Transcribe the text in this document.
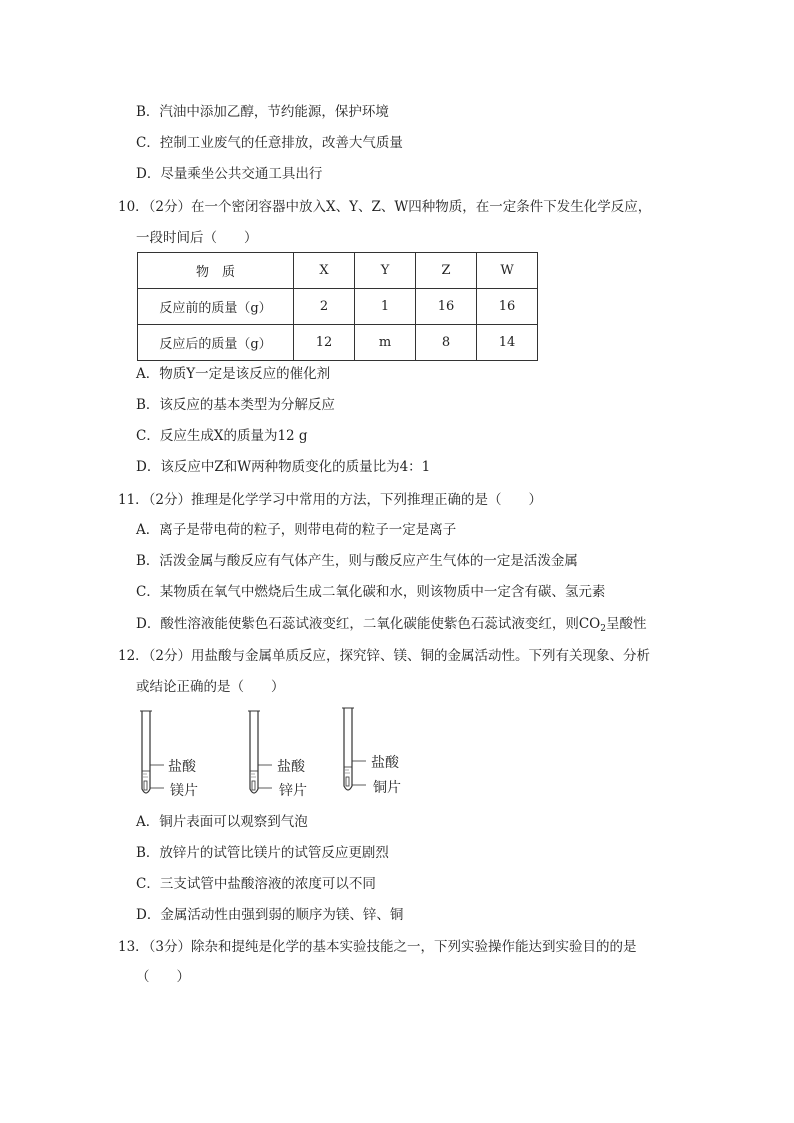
B．汽油中添加乙醇，节约能源，保护环境
C．控制工业废气的任意排放，改善大气质量
D．尽量乘坐公共交通工具出行
10．（2分）在一个密闭容器中放入X、Y、Z、W四种物质，在一定条件下发生化学反应，
一段时间后（　　）
物　质	X	Y	Z	W
反应前的质量（g）	2	1	16	16
反应后的质量（g）	12	m	8	14
A．物质Y一定是该反应的催化剂
B．该反应的基本类型为分解反应
C．反应生成X的质量为12 g
D．该反应中Z和W两种物质变化的质量比为4：1
11．（2分）推理是化学学习中常用的方法，下列推理正确的是（　　）
A．离子是带电荷的粒子，则带电荷的粒子一定是离子
B．活泼金属与酸反应有气体产生，则与酸反应产生气体的一定是活泼金属
C．某物质在氧气中燃烧后生成二氧化碳和水，则该物质中一定含有碳、氢元素
D．酸性溶液能使紫色石蕊试液变红，二氧化碳能使紫色石蕊试液变红，则$CO_2$呈酸性
12．（2分）用盐酸与金属单质反应，探究锌、镁、铜的金属活动性。下列有关现象、分析
或结论正确的是（　　）
盐酸
镁片
盐酸
锌片
盐酸
铜片
A．铜片表面可以观察到气泡
B．放锌片的试管比镁片的试管反应更剧烈
C．三支试管中盐酸溶液的浓度可以不同
D．金属活动性由强到弱的顺序为镁、锌、铜
13．（3分）除杂和提纯是化学的基本实验技能之一，下列实验操作能达到实验目的的是
（　　）
